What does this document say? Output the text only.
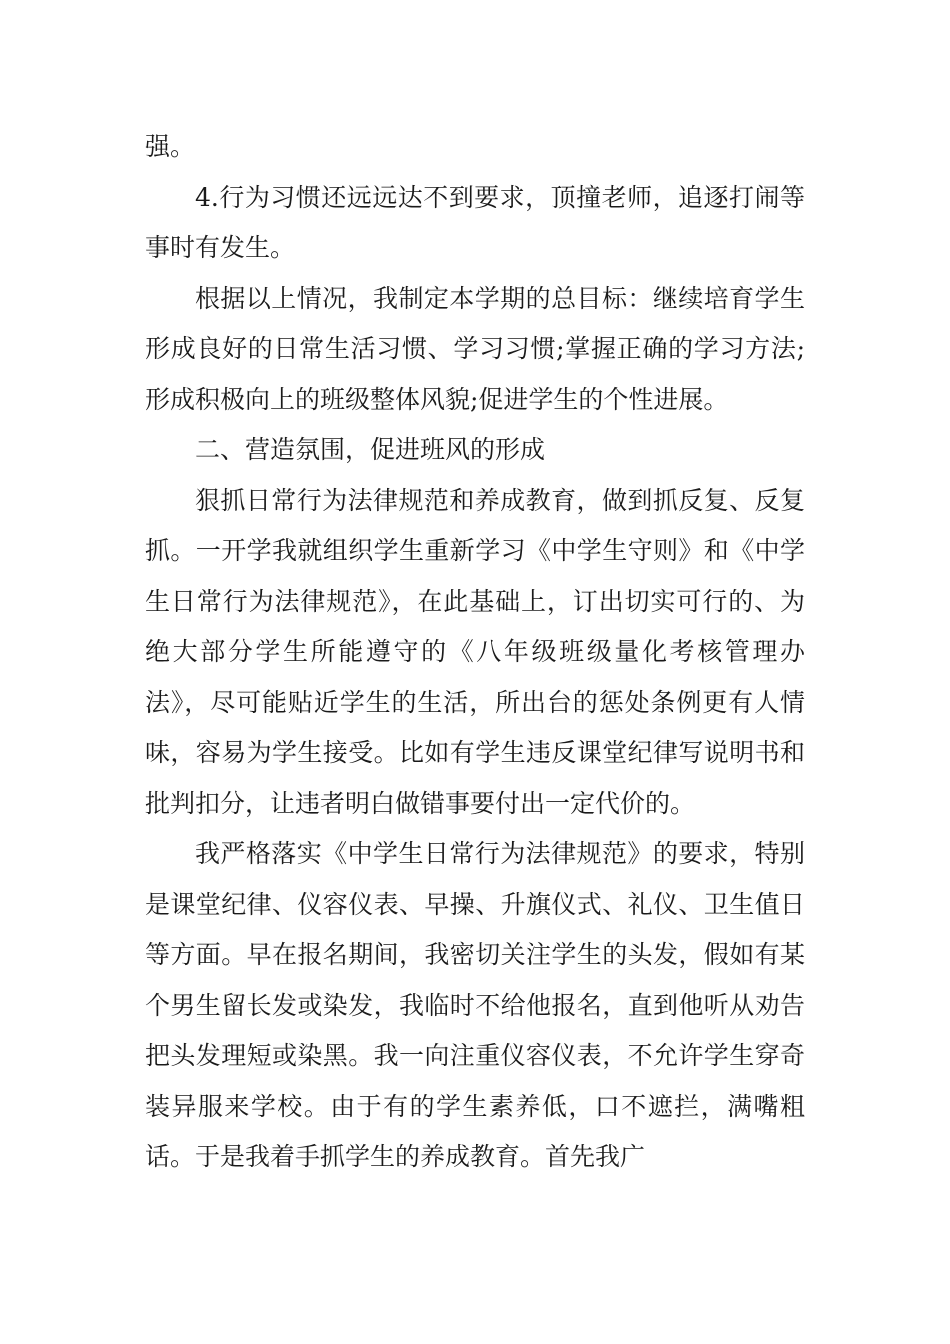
强。

4.行为习惯还远远达不到要求，顶撞老师，追逐打闹等事时有发生。

根据以上情况，我制定本学期的总目标：继续培育学生形成良好的日常生活习惯、学习习惯;掌握正确的学习方法;形成积极向上的班级整体风貌;促进学生的个性进展。

二、营造氛围，促进班风的形成

狠抓日常行为法律规范和养成教育，做到抓反复、反复抓。一开学我就组织学生重新学习《中学生守则》和《中学生日常行为法律规范》，在此基础上，订出切实可行的、为绝大部分学生所能遵守的《八年级班级量化考核管理办法》，尽可能贴近学生的生活，所出台的惩处条例更有人情味，容易为学生接受。比如有学生违反课堂纪律写说明书和批判扣分，让违者明白做错事要付出一定代价的。

我严格落实《中学生日常行为法律规范》的要求，特别是课堂纪律、仪容仪表、早操、升旗仪式、礼仪、卫生值日等方面。早在报名期间，我密切关注学生的头发，假如有某个男生留长发或染发，我临时不给他报名，直到他听从劝告把头发理短或染黑。我一向注重仪容仪表，不允许学生穿奇装异服来学校。由于有的学生素养低，口不遮拦，满嘴粗话。于是我着手抓学生的养成教育。首先我广
